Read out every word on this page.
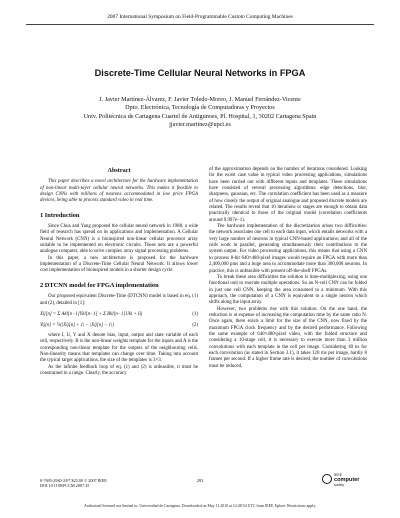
2007 International Symposium on Field-Programmable Custom Computing Machines
Discrete-Time Cellular Neural Networks in FPGA
J. Javier Martínez-Álvarez, F. Javier Toledo-Moreo, J. Manuel Ferrández-Vicente
Dpto. Electrónica, Tecnología de Computadoras y Proyectos
Univ. Politécnica de Cartagena Cuartel de Antigunoes, Pl. Hospital, 1, 30202 Cartagena Spain
jjavier.martinez@upct.es
Abstract

This paper describes a novel architecture for the hardware implementation of non-linear multi-layer cellular neural networks. This makes it feasible to design CNNs with millions of neurons accommodated in low price FPGA devices, being able to process standard video in real time.

1 Introduction

Since Chua and Yang proposed the cellular neural network in 1988, a wide field of research has spread on its applications and implementation. A Cellular Neural Network (CNN) is a bioinspired non-linear cellular processor array suitable to be implemented on electronic circuits. These nets are a powerful analogue computer, able to solve complex array signal processing problems.

In this paper, a new architecture is proposed for the hardware implementation of a Discrete-Time Cellular Neural Network. It allows lower cost implementation of bioinspired models in a shorter design cycle.

2 DTCNN model for FPGA implementation

Our proposed equivalent Discrete-Time (DTCNN) model is based in eq. (1) and (2), detailed in [1]:

Xij[n] = Σ Akl[n−1]Ykl[n−1] + Σ Bkl[n−1]Ukl + Iij	(1)
Yij[n] = ½(|Xij[n] + 1| − |Xij[n] − 1|)	(2)

where I, U, Y and X denote bias, input, output and state variable of each cell, respectively. B is the non-linear weights template for the inputs and A is the corresponding non-linear template for the outputs of the neighbouring cells. Non-linearity means that templates can change over time. Taking into account the typical target applications, the size of the templates is 3×3.

As the infinite feedback loop of eq. (1) and (2) is unfeasible, it must be constrained in a range. Clearly, the accuracy

of the approximation depends on the number of iterations considered. Looking for the worst case value in typical video processing applications, simulations have been carried out with different inputs and templates. These simulations have consisted of several processing algorithms: edge detections, blur, sharpness, gaussian, etc. The correlation coefficient has been used as a measure of how closely the output of original analogue and proposed discrete models are related. The results reveal that 10 iterations or stages are enough to obtain data practically identical to those of the original model (correlation coefficients around 9.997e−1).

The hardware implementation of the discretization arises two difficulties: the network associates one cell to each data input, which entails networks with a very large number of neurons in typical CNN-based applications; and all of the cells work in parallel, generating simultaneously their contributions to the system output. For video processing applications, this means that using a CNN to process 8-bit 640×480-pixel images would require an FPGA with more than 2,400,000 pins and a huge area to accommodate more than 300,000 neurons. In practice, this is unfeasible with present off-the-shelf FPGAs.

To break these area difficulties the solution is time-multiplexing, using one functional unit to execute multiple operations. So an N-cell CNN can be folded in just one cell CNN, keeping the area consumed to a minimum. With this approach, the computation of a CNN is equivalent to a single neuron which shifts along the input array.

However, two problems rise with this solution. On the one hand, the reduction is at expense of increasing the computation time by the same ratio N. Once again, there exists a limit for the size of the CNN, now fixed by the maximum FPGA clock frequency and by the desired performance. Following the same example of 640×480-pixel video, with the folded structure and considering a 10-stage cell, it is necessary to execute more than 3 million convolutions with each template in the cell per image. Considering 40 ns for each convolution (as stated in Section 3.1), it takes 120 ms per image, hardly 8 frames per second. If a higher frame rate is desired, the number of convolutions must be reduced,

0-7695-2940-2/07 $25.00 © 2007 IEEE
DOI 10.1109/FCCM.2007.25
293
IEEE
computer
society
Authorized licensed use limited to: Universidad de Cartagena. Downloaded on May 11,2010 at 12:48:54 UTC from IEEE Xplore. Restrictions apply.
